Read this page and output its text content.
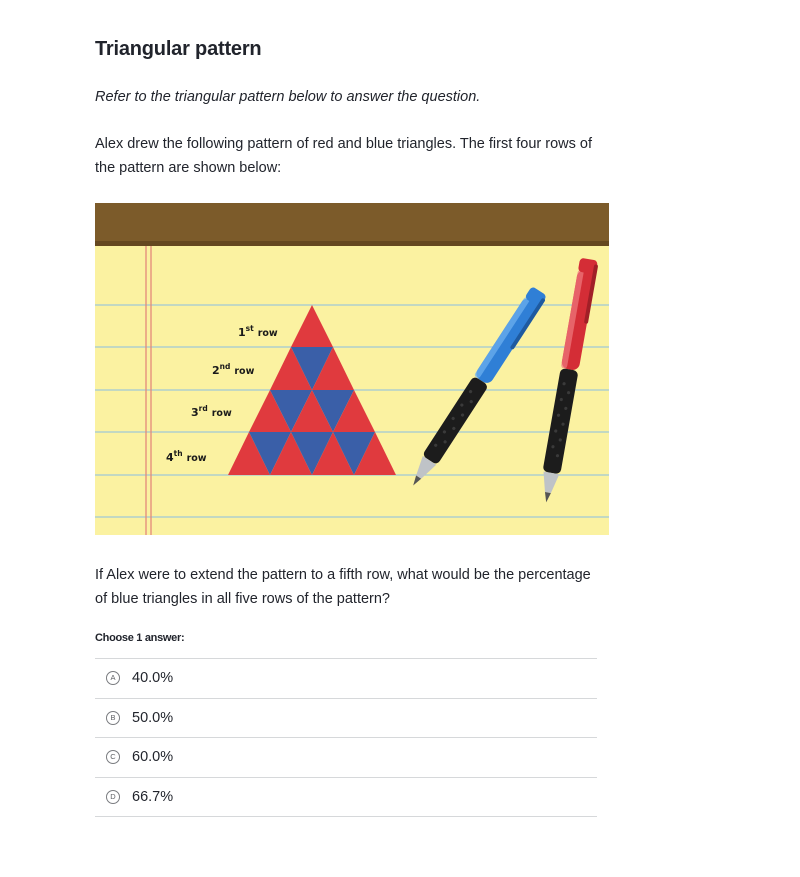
Triangular pattern
Refer to the triangular pattern below to answer the question.
Alex drew the following pattern of red and blue triangles. The first four rows of the pattern are shown below:
1st row
2nd row
3rd row
4th row
If Alex were to extend the pattern to a fifth row, what would be the percentage of blue triangles in all five rows of the pattern?
Choose 1 answer:
A	40.0%
B	50.0%
C 60.0%
D 66.7%
